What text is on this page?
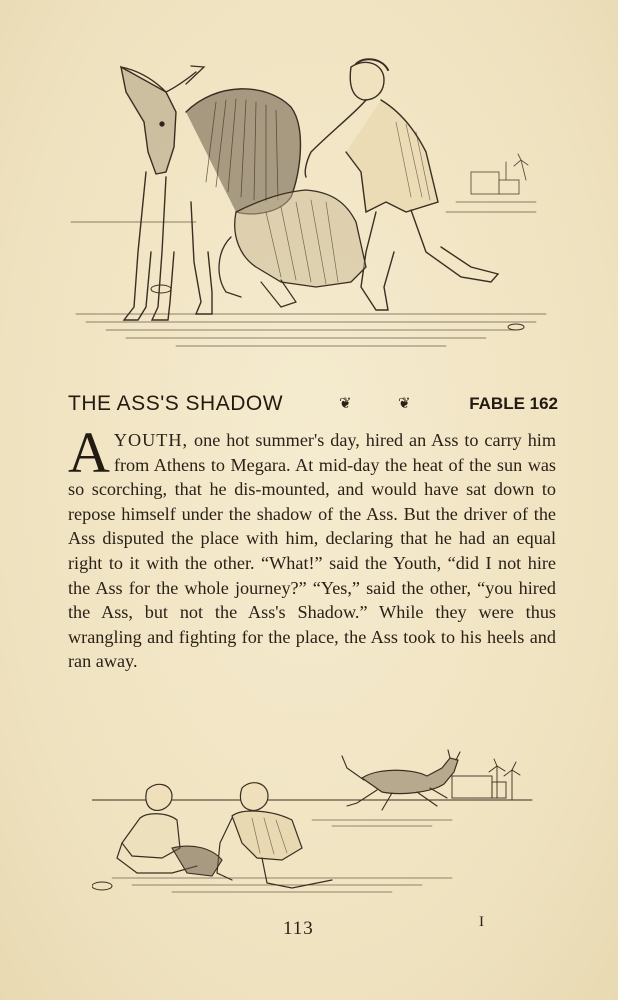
THE ASS'S SHADOW	❦	❦	FABLE 162
A YOUTH, one hot summer's day, hired an Ass to carry him from Athens to Megara. At mid-day the heat of the sun was so scorching, that he dis-mounted, and would have sat down to repose himself under the shadow of the Ass. But the driver of the Ass disputed the place with him, declaring that he had an equal right to it with the other. “What!” said the Youth, “did I not hire the Ass for the whole journey?” “Yes,” said the other, “you hired the Ass, but not the Ass's Shadow.” While they were thus wrangling and fighting for the place, the Ass took to his heels and ran away.
113	I
